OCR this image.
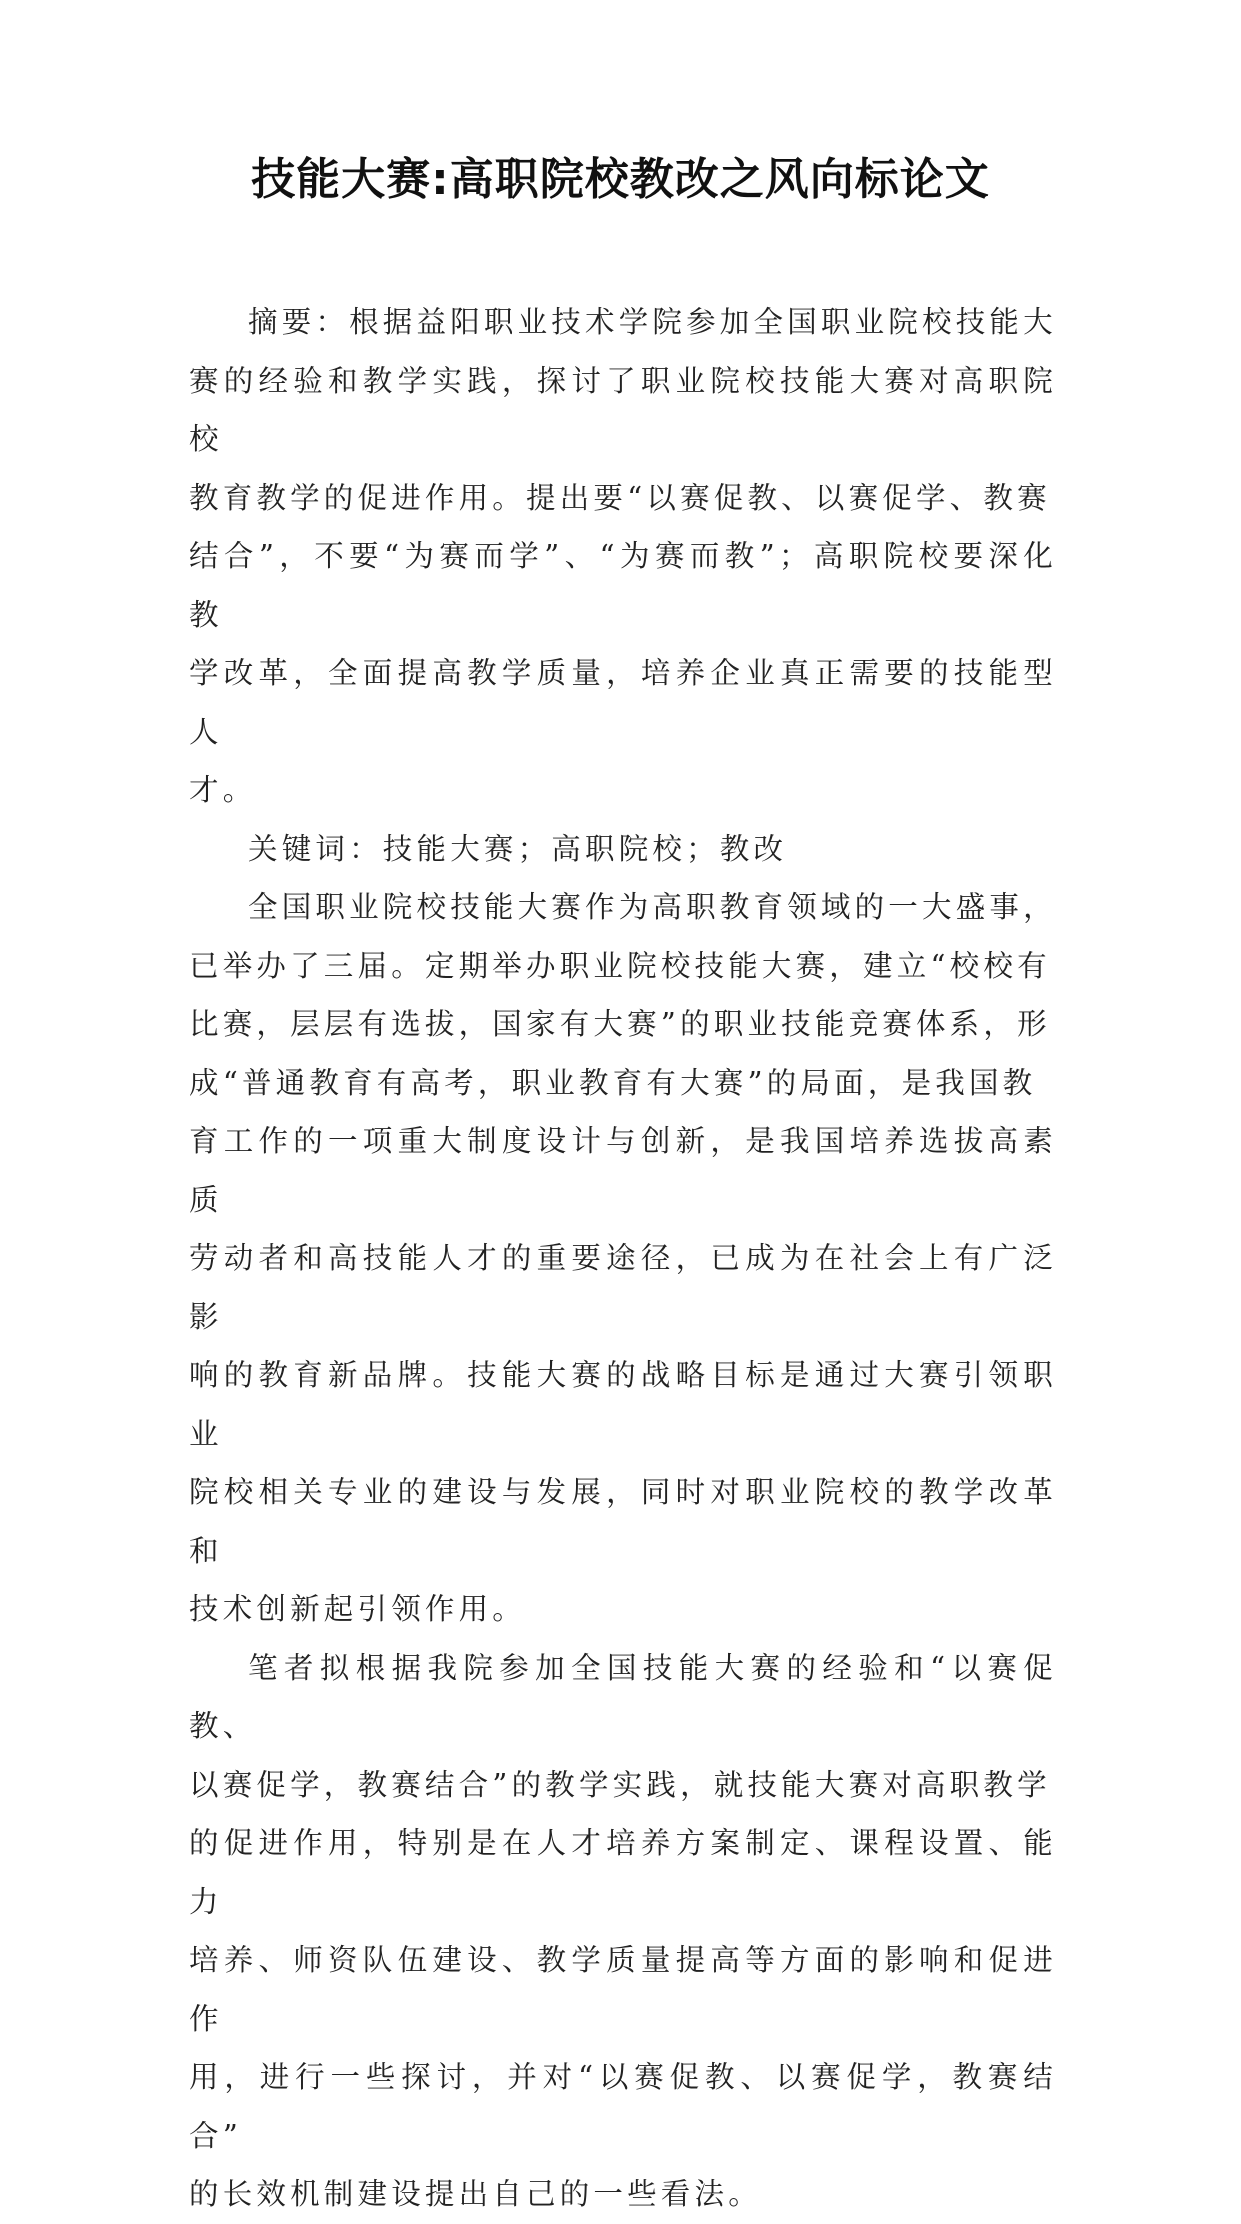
技能大赛:高职院校教改之风向标论文

摘要：根据益阳职业技术学院参加全国职业院校技能大
赛的经验和教学实践，探讨了职业院校技能大赛对高职院校
教育教学的促进作用。提出要“以赛促教、以赛促学、教赛
结合”，不要“为赛而学”、“为赛而教”；高职院校要深化教
学改革，全面提高教学质量，培养企业真正需要的技能型人
才。

关键词：技能大赛；高职院校；教改

全国职业院校技能大赛作为高职教育领域的一大盛事，
已举办了三届。定期举办职业院校技能大赛，建立“校校有
比赛，层层有选拔，国家有大赛”的职业技能竞赛体系，形
成“普通教育有高考，职业教育有大赛”的局面，是我国教
育工作的一项重大制度设计与创新，是我国培养选拔高素质
劳动者和高技能人才的重要途径，已成为在社会上有广泛影
响的教育新品牌。技能大赛的战略目标是通过大赛引领职业
院校相关专业的建设与发展，同时对职业院校的教学改革和
技术创新起引领作用。

笔者拟根据我院参加全国技能大赛的经验和“以赛促教、
以赛促学，教赛结合”的教学实践，就技能大赛对高职教学
的促进作用，特别是在人才培养方案制定、课程设置、能力
培养、师资队伍建设、教学质量提高等方面的影响和促进作
用，进行一些探讨，并对“以赛促教、以赛促学，教赛结合”
的长效机制建设提出自己的一些看法。
